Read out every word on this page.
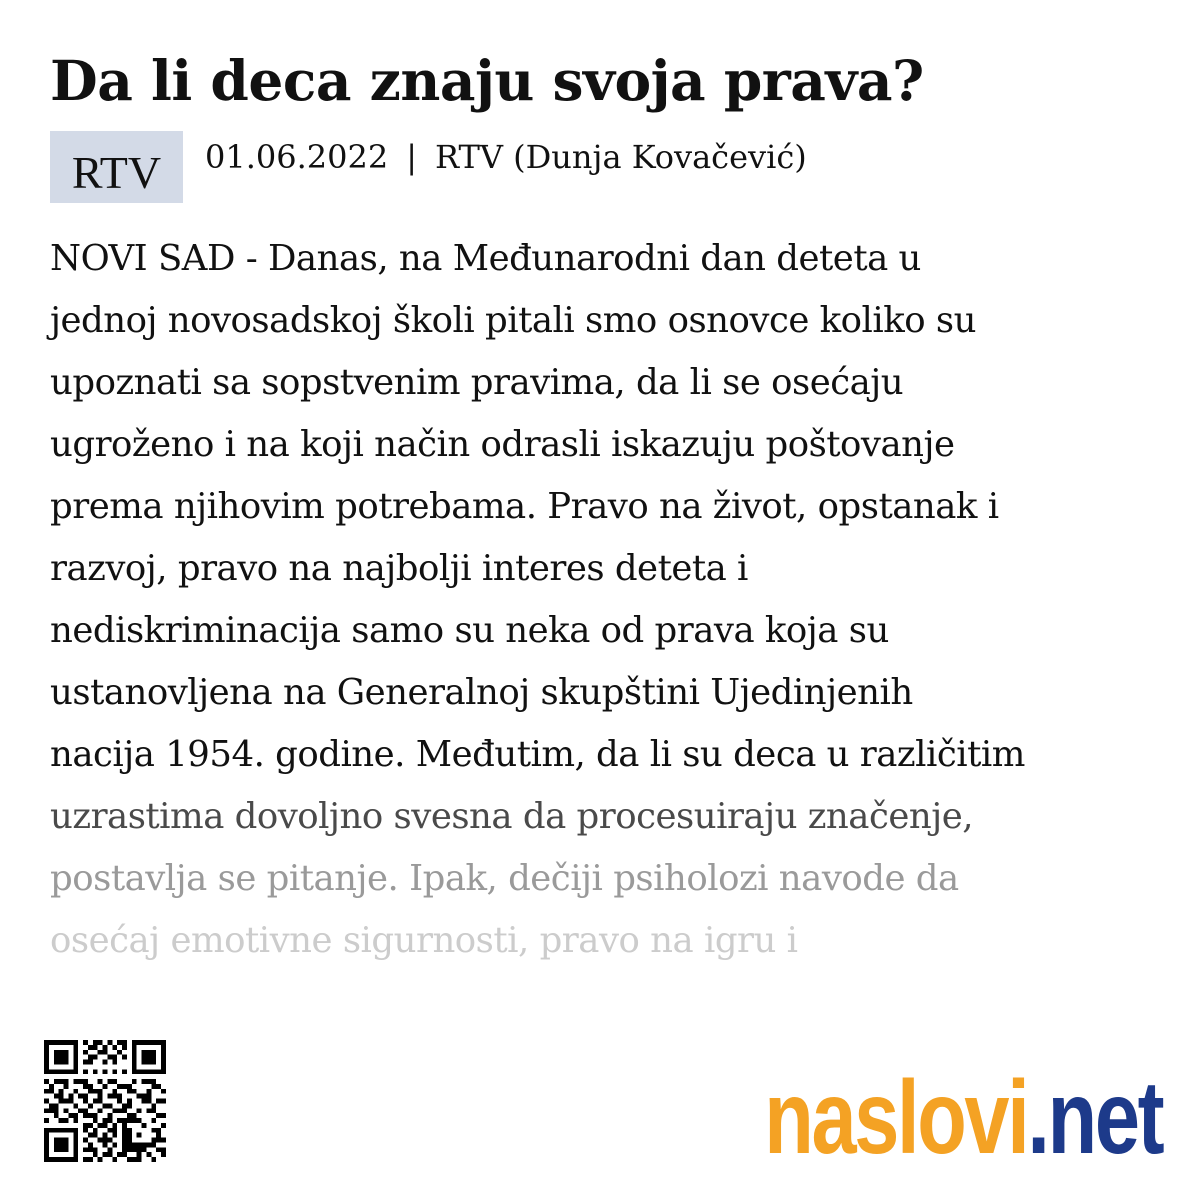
Da li deca znaju svoja prava?
RTV	01.06.2022 | RTV (Dunja Kovačević)
NOVI SAD - Danas, na Međunarodni dan deteta u
jednoj novosadskoj školi pitali smo osnovce koliko su
upoznati sa sopstvenim pravima, da li se osećaju
ugroženo i na koji način odrasli iskazuju poštovanje
prema njihovim potrebama. Pravo na život, opstanak i
razvoj, pravo na najbolji interes deteta i
nediskriminacija samo su neka od prava koja su
ustanovljena na Generalnoj skupštini Ujedinjenih
nacija 1954. godine. Međutim, da li su deca u različitim
uzrastima dovoljno svesna da procesuiraju značenje,
postavlja se pitanje. Ipak, dečiji psiholozi navode da
osećaj emotivne sigurnosti, pravo na igru i
naslovi .net
